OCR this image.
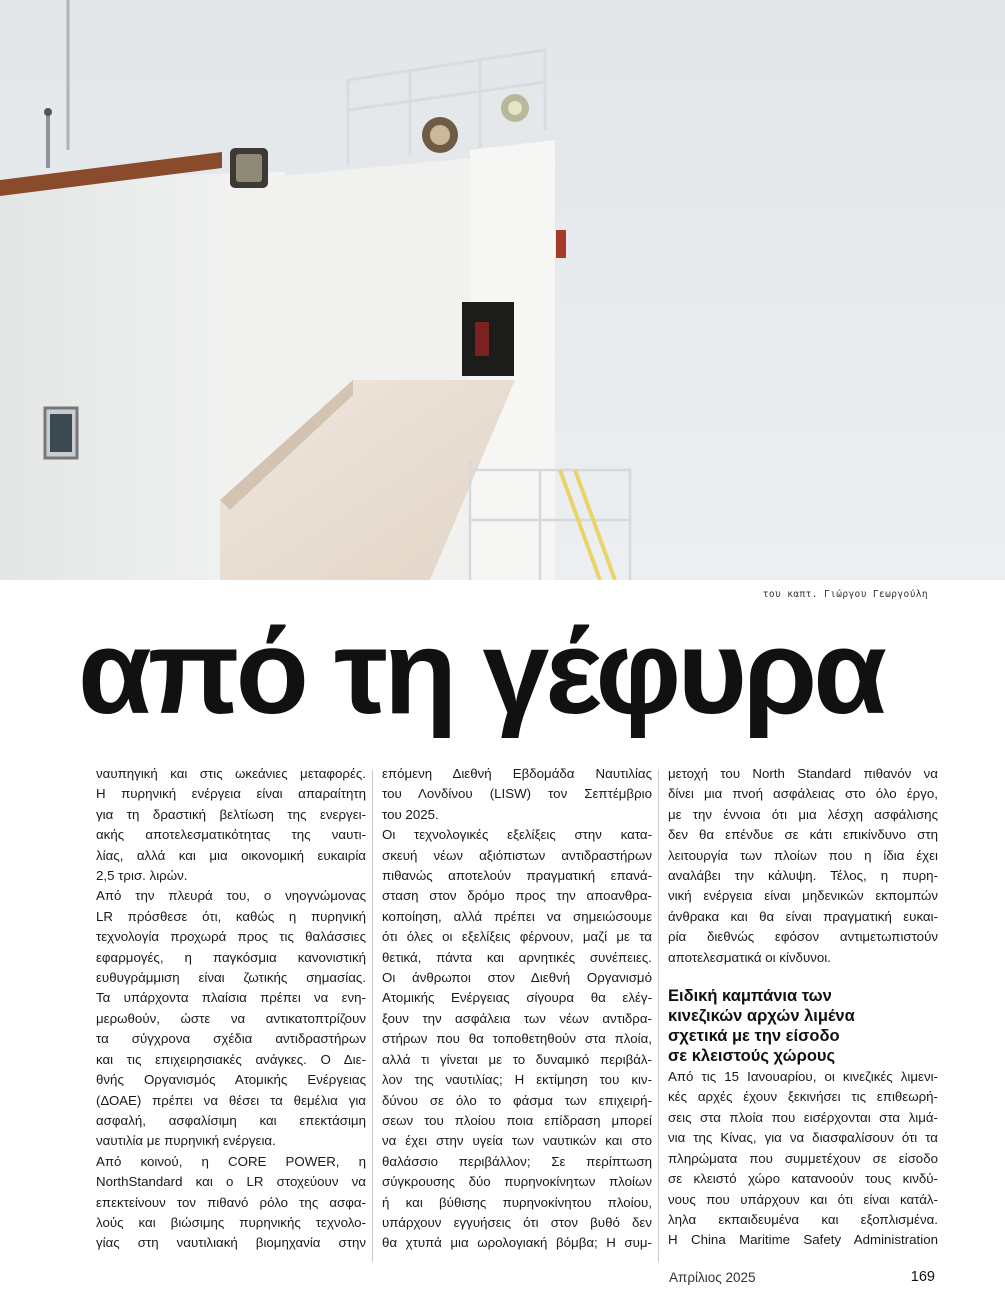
του καπτ. Γιώργου Γεωργούλη
από τη γέφυρα
ναυπηγική και στις ωκεάνιες μεταφορές.
Η πυρηνική ενέργεια είναι απαραίτητη
για τη δραστική βελτίωση της ενεργει-
ακής αποτελεσματικότητας της ναυτι-
λίας, αλλά και μια οικονομική ευκαιρία
2,5 τρισ. λιρών.
Από την πλευρά του, ο νηογνώμονας
LR πρόσθεσε ότι, καθώς η πυρηνική
τεχνολογία προχωρά προς τις θαλάσσιες
εφαρμογές, η παγκόσμια κανονιστική
ευθυγράμμιση είναι ζωτικής σημασίας.
Τα υπάρχοντα πλαίσια πρέπει να ενη-
μερωθούν, ώστε να αντικατοπτρίζουν
τα σύγχρονα σχέδια αντιδραστήρων
και τις επιχειρησιακές ανάγκες. Ο Διε-
θνής Οργανισμός Ατομικής Ενέργειας
(ΔΟΑΕ) πρέπει να θέσει τα θεμέλια για
ασφαλή, ασφαλίσιμη και επεκτάσιμη
ναυτιλία με πυρηνική ενέργεια.
Από κοινού, η CORE POWER, η
NorthStandard και ο LR στοχεύουν να
επεκτείνουν τον πιθανό ρόλο της ασφα-
λούς και βιώσιμης πυρηνικής τεχνολο-
γίας στη ναυτιλιακή βιομηχανία στην
επόμενη Διεθνή Εβδομάδα Ναυτιλίας
του Λονδίνου (LISW) τον Σεπτέμβριο
του 2025.
Οι τεχνολογικές εξελίξεις στην κατα-
σκευή νέων αξιόπιστων αντιδραστήρων
πιθανώς αποτελούν πραγματική επανά-
σταση στον δρόμο προς την αποανθρα-
κοποίηση, αλλά πρέπει να σημειώσουμε
ότι όλες οι εξελίξεις φέρνουν, μαζί με τα
θετικά, πάντα και αρνητικές συνέπειες.
Οι άνθρωποι στον Διεθνή Οργανισμό
Ατομικής Ενέργειας σίγουρα θα ελέγ-
ξουν την ασφάλεια των νέων αντιδρα-
στήρων που θα τοποθετηθούν στα πλοία,
αλλά τι γίνεται με το δυναμικό περιβάλ-
λον της ναυτιλίας; Η εκτίμηση του κιν-
δύνου σε όλο το φάσμα των επιχειρή-
σεων του πλοίου ποια επίδραση μπορεί
να έχει στην υγεία των ναυτικών και στο
θαλάσσιο περιβάλλον; Σε περίπτωση
σύγκρουσης δύο πυρηνοκίνητων πλοίων
ή και βύθισης πυρηνοκίνητου πλοίου,
υπάρχουν εγγυήσεις ότι στον βυθό δεν
θα χτυπά μια ωρολογιακή βόμβα; Η συμ-
μετοχή του North Standard πιθανόν να
δίνει μια πνοή ασφάλειας στο όλο έργο,
με την έννοια ότι μια λέσχη ασφάλισης
δεν θα επένδυε σε κάτι επικίνδυνο στη
λειτουργία των πλοίων που η ίδια έχει
αναλάβει την κάλυψη. Τέλος, η πυρη-
νική ενέργεια είναι μηδενικών εκπομπών
άνθρακα και θα είναι πραγματική ευκαι-
ρία διεθνώς εφόσον αντιμετωπιστούν
αποτελεσματικά οι κίνδυνοι.
Ειδική καμπάνια των
κινεζικών αρχών λιμένα
σχετικά με την είσοδο
σε κλειστούς χώρους
Από τις 15 Ιανουαρίου, οι κινεζικές λιμενι-
κές αρχές έχουν ξεκινήσει τις επιθεωρή-
σεις στα πλοία που εισέρχονται στα λιμά-
νια της Κίνας, για να διασφαλίσουν ότι τα
πληρώματα που συμμετέχουν σε είσοδο
σε κλειστό χώρο κατανοούν τους κινδύ-
νους που υπάρχουν και ότι είναι κατάλ-
ληλα εκπαιδευμένα και εξοπλισμένα.
Η China Maritime Safety Administration
Απρίλιος 2025	169
